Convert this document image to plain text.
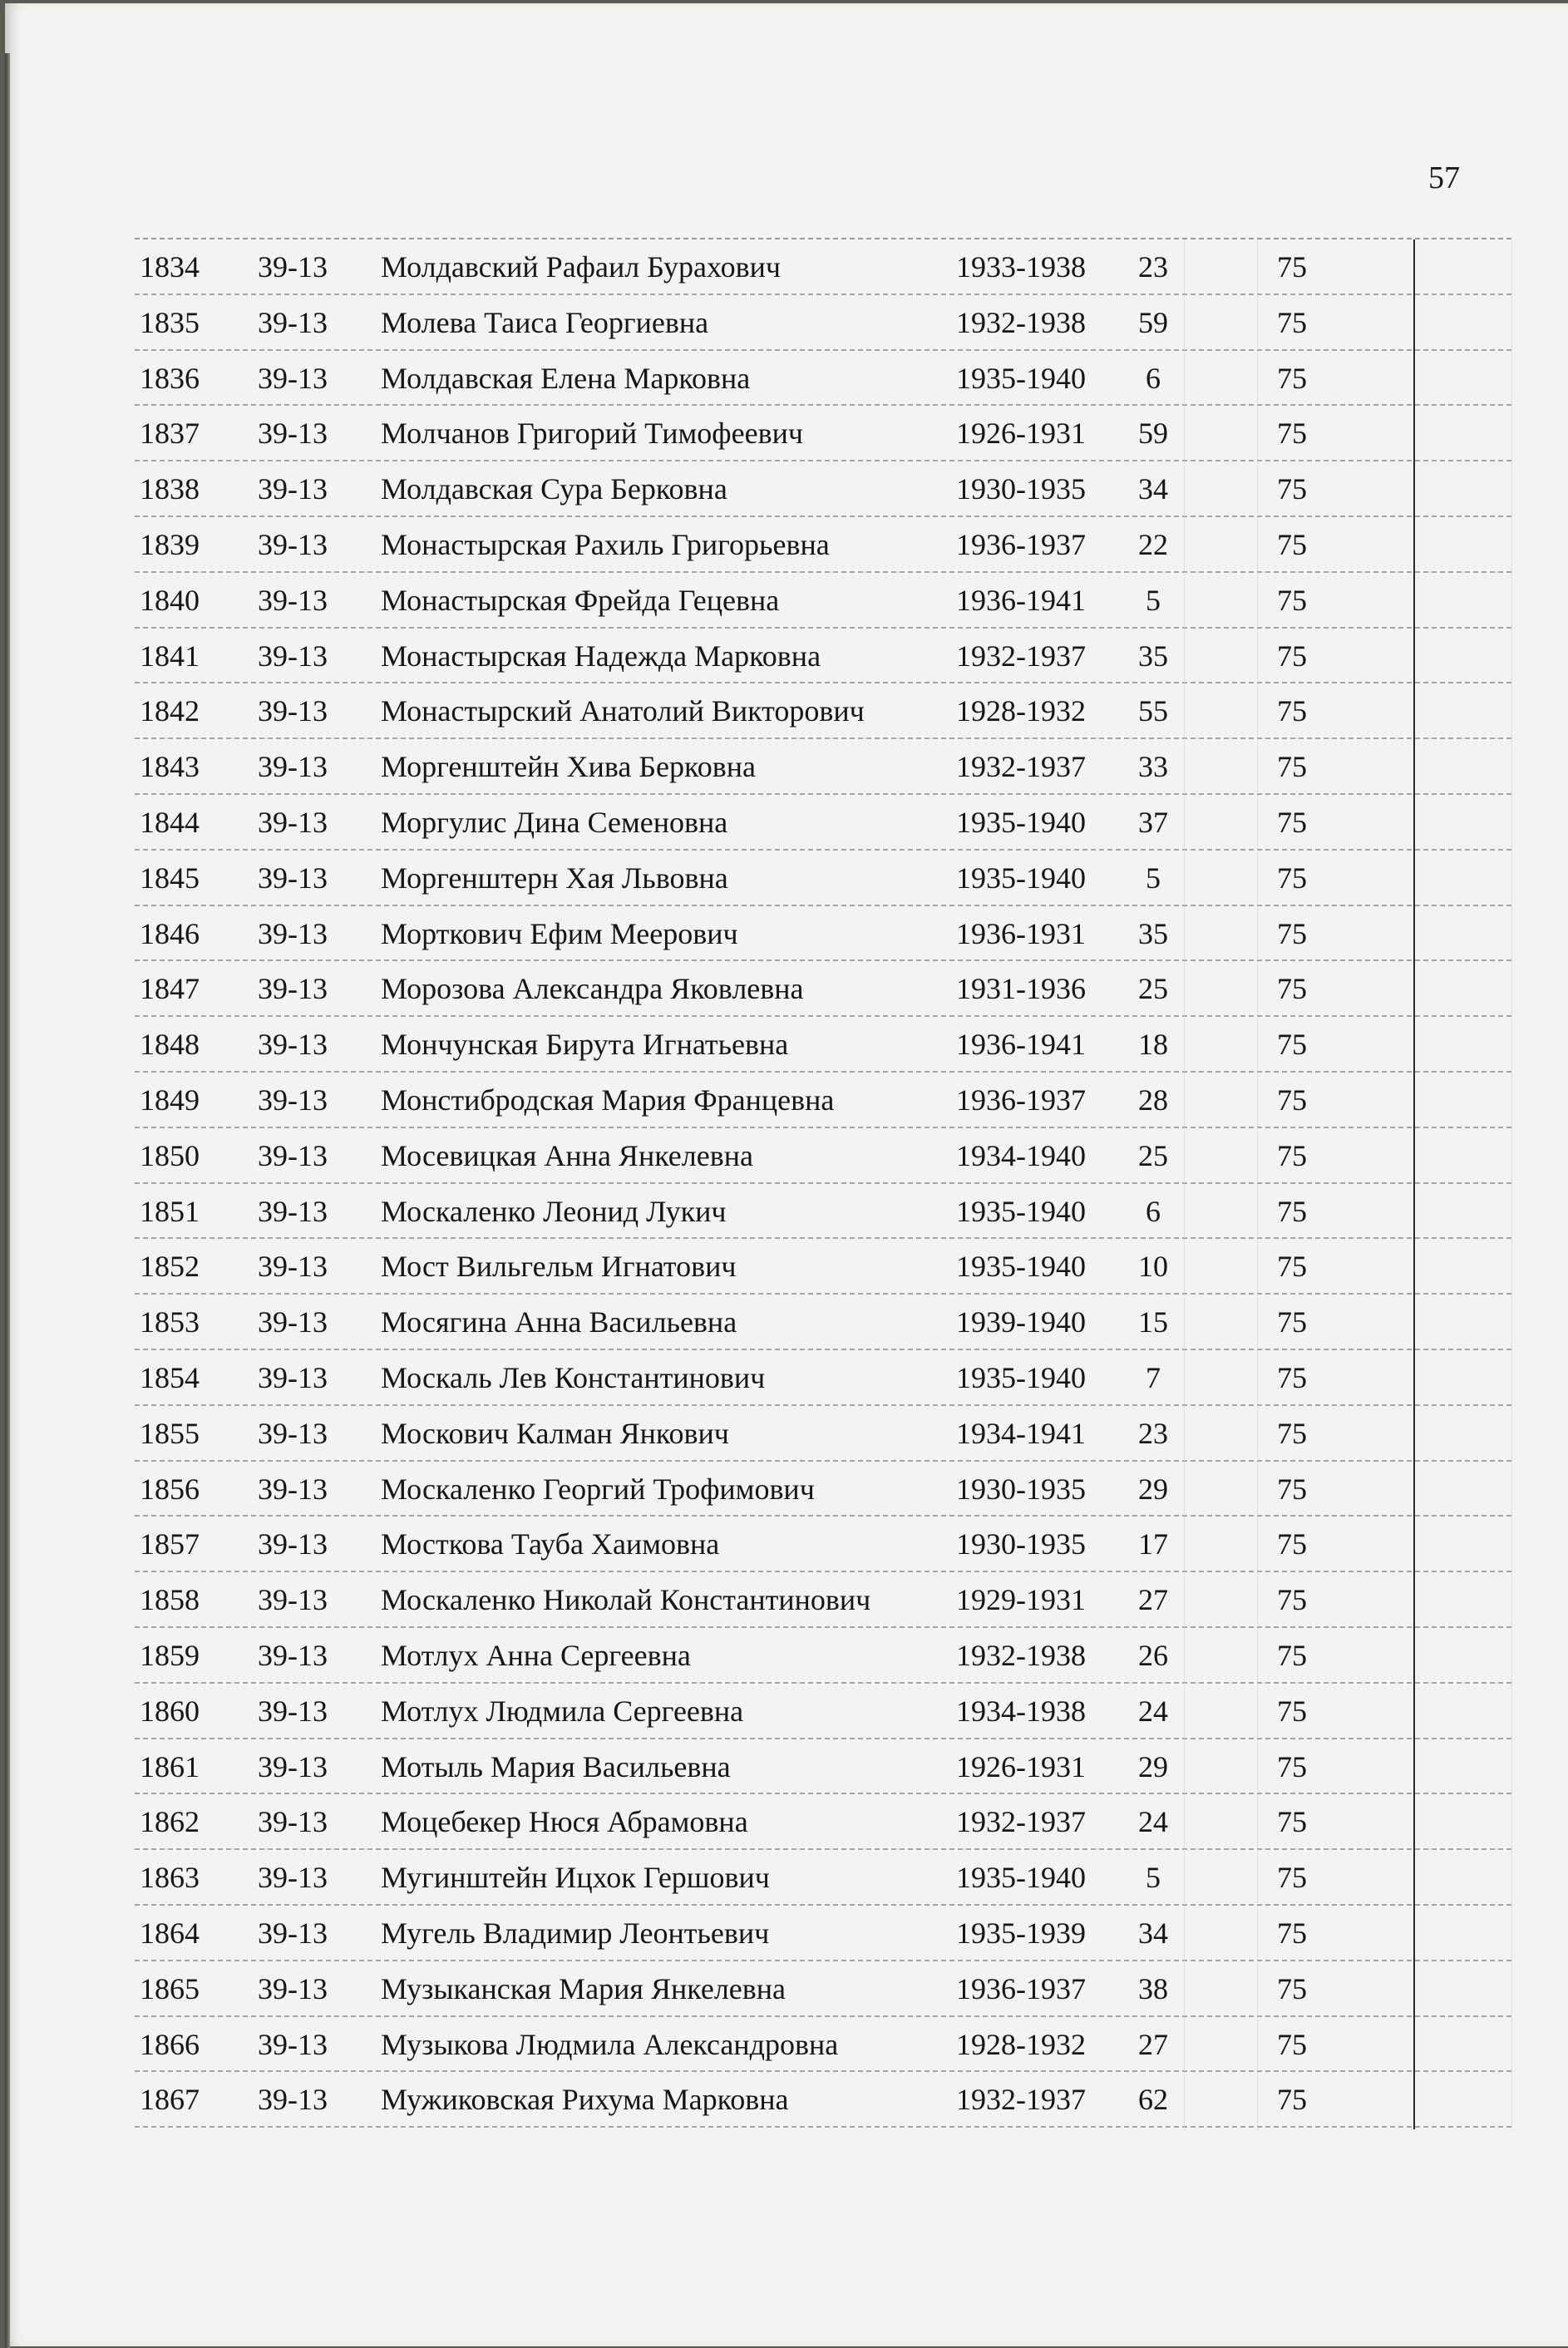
57
1834 39-13 Молдавский Рафаил Бурахович	1933-1938	23	75
1835 39-13 Молева Таиса Георгиевна	1932-1938	59	75
1836 39-13 Молдавская Елена Марковна	1935-1940	6	75
1837 39-13 Молчанов Григорий Тимофеевич	1926-1931	59	75
1838 39-13 Молдавская Сура Берковна	1930-1935	34	75
1839 39-13 Монастырская Рахиль Григорьевна	1936-1937	22	75
1840 39-13 Монастырская Фрейда Гецевна	1936-1941	5	75
1841 39-13 Монастырская Надежда Марковна	1932-1937	35	75
1842 39-13 Монастырский Анатолий Викторович	1928-1932	55	75
1843 39-13 Моргенштейн Хива Берковна	1932-1937	33	75
1844 39-13 Моргулис Дина Семеновна	1935-1940	37	75
1845 39-13 Моргенштерн Хая Львовна	1935-1940	5	75
1846 39-13 Морткович Ефим Меерович	1936-1931	35	75
1847 39-13 Морозова Александра Яковлевна	1931-1936	25	75
1848 39-13 Мончунская Бирута Игнатьевна	1936-1941	18	75
1849 39-13 Монстибродская Мария Францевна	1936-1937	28	75
1850 39-13 Мосевицкая Анна Янкелевна	1934-1940	25	75
1851 39-13 Москаленко Леонид Лукич	1935-1940	6	75
1852 39-13 Мост Вильгельм Игнатович	1935-1940	10	75
1853 39-13 Мосягина Анна Васильевна	1939-1940	15	75
1854 39-13 Москаль Лев Константинович	1935-1940	7	75
1855 39-13 Москович Калман Янкович	1934-1941	23	75
1856 39-13 Москаленко Георгий Трофимович	1930-1935	29	75
1857 39-13 Мосткова Тауба Хаимовна	1930-1935	17	75
1858 39-13 Москаленко Николай Константинович	1929-1931	27	75
1859 39-13 Мотлух Анна Сергеевна	1932-1938	26	75
1860 39-13 Мотлух Людмила Сергеевна	1934-1938	24	75
1861 39-13 Мотыль Мария Васильевна	1926-1931	29	75
1862 39-13 Моцебекер Нюся Абрамовна	1932-1937	24	75
1863 39-13 Мугинштейн Ицхок Гершович	1935-1940	5	75
1864 39-13 Мугель Владимир Леонтьевич	1935-1939	34	75
1865 39-13 Музыканская Мария Янкелевна	1936-1937	38	75
1866 39-13 Музыкова Людмила Александровна	1928-1932	27	75
1867 39-13 Мужиковская Рихума Марковна	1932-1937	62	75
